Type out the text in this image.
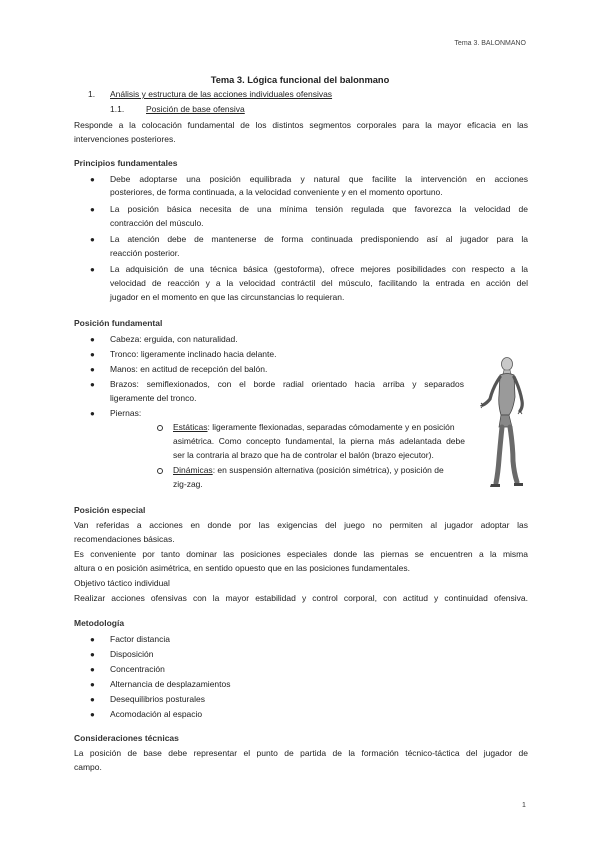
Tema 3. BALONMANO
Tema 3. Lógica funcional del balonmano
1. Análisis y estructura de las acciones individuales ofensivas
1.1.	Posición de base ofensiva
Responde a la colocación fundamental de los distintos segmentos corporales para la mayor eficacia en las
intervenciones posteriores.
Principios fundamentales
● Debe adoptarse una posición equilibrada y natural que facilite la intervención en acciones
posteriores, de forma continuada, a la velocidad conveniente y en el momento oportuno.
● La posición básica necesita de una mínima tensión regulada que favorezca la velocidad de
contracción del músculo.
● La atención debe de mantenerse de forma continuada predisponiendo así al jugador para la
reacción posterior.
● La adquisición de una técnica básica (gestoforma), ofrece mejores posibilidades con respecto a la
velocidad de reacción y a la velocidad contráctil del músculo, facilitando la entrada en acción del
jugador en el momento en que las circunstancias lo requieran.
Posición fundamental
● Cabeza: erguida, con naturalidad.
● Tronco: ligeramente inclinado hacia delante.
● Manos: en actitud de recepción del balón.
● Brazos: semiflexionados, con el borde radial orientado hacia arriba y separados
ligeramente del tronco.
● Piernas:
Estáticas: ligeramente flexionadas, separadas cómodamente y en posición
asimétrica. Como concepto fundamental, la pierna más adelantada debe
ser la contraria al brazo que ha de controlar el balón (brazo ejecutor).
Dinámicas: en suspensión alternativa (posición simétrica), y posición de
zig-zag.
Posición especial
Van referidas a acciones en donde por las exigencias del juego no permiten al jugador adoptar las
recomendaciones básicas.
Es conveniente por tanto dominar las posiciones especiales donde las piernas se encuentren a la misma
altura o en posición asimétrica, en sentido opuesto que en las posiciones fundamentales.
Objetivo táctico individual
Realizar acciones ofensivas con la mayor estabilidad y control corporal, con actitud y continuidad ofensiva.
Metodología
● Factor distancia
● Disposición
● Concentración
● Alternancia de desplazamientos
● Desequilibrios posturales
● Acomodación al espacio
Consideraciones técnicas
La posición de base debe representar el punto de partida de la formación técnico-táctica del jugador de
campo.
1
